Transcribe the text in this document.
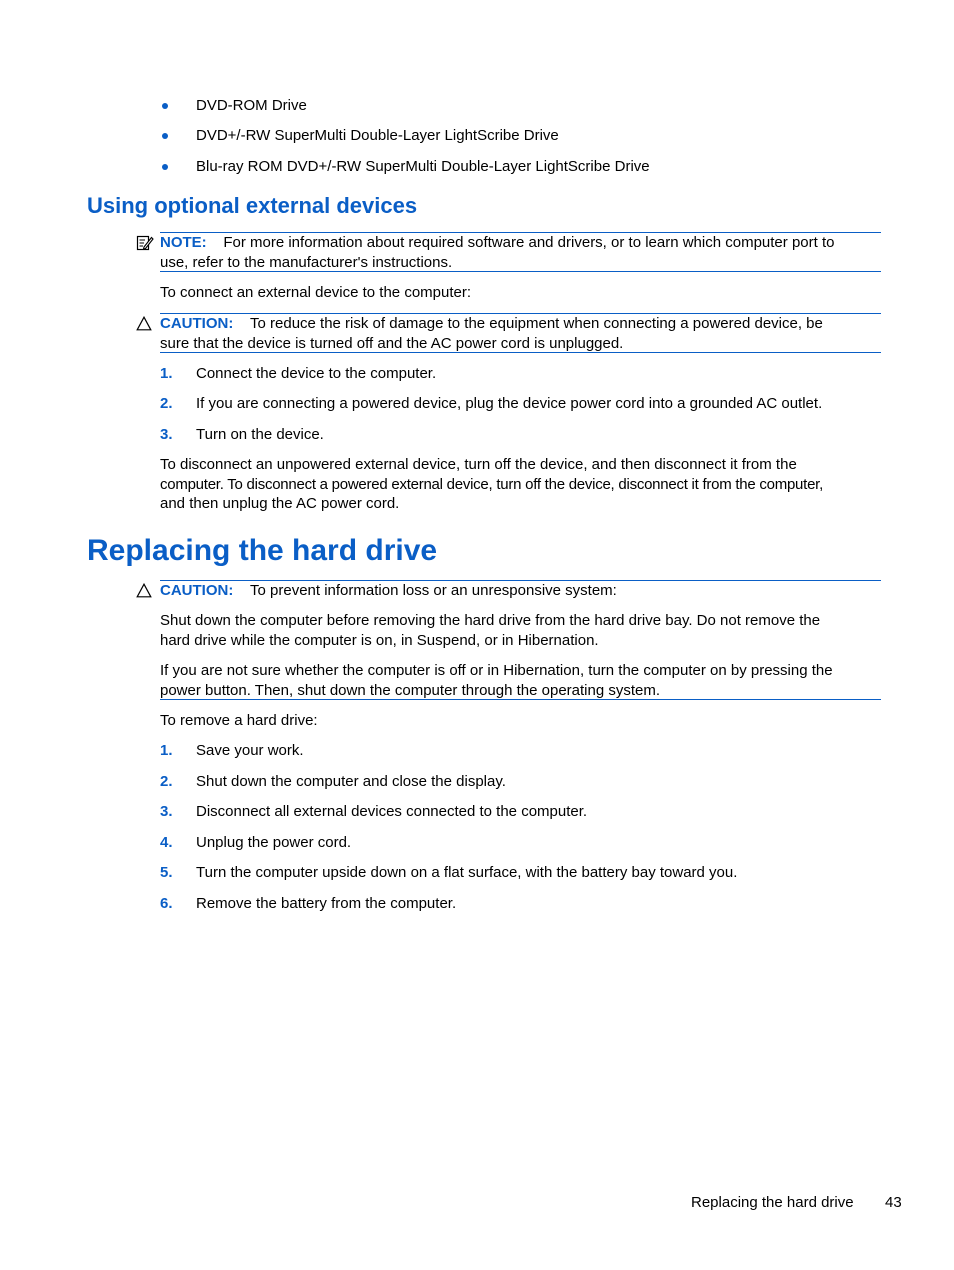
DVD-ROM Drive
DVD+/-RW SuperMulti Double-Layer LightScribe Drive
Blu-ray ROM DVD+/-RW SuperMulti Double-Layer LightScribe Drive
Using optional external devices
NOTE: For more information about required software and drivers, or to learn which computer port to
use, refer to the manufacturer's instructions.
To connect an external device to the computer:
CAUTION: To reduce the risk of damage to the equipment when connecting a powered device, be
sure that the device is turned off and the AC power cord is unplugged.
1. Connect the device to the computer.
2. If you are connecting a powered device, plug the device power cord into a grounded AC outlet.
3. Turn on the device.
To disconnect an unpowered external device, turn off the device, and then disconnect it from the
computer. To disconnect a powered external device, turn off the device, disconnect it from the computer,
and then unplug the AC power cord.
Replacing the hard drive
CAUTION: To prevent information loss or an unresponsive system:
Shut down the computer before removing the hard drive from the hard drive bay. Do not remove the
hard drive while the computer is on, in Suspend, or in Hibernation.
If you are not sure whether the computer is off or in Hibernation, turn the computer on by pressing the
power button. Then, shut down the computer through the operating system.
To remove a hard drive:
1. Save your work.
2. Shut down the computer and close the display.
3. Disconnect all external devices connected to the computer.
4. Unplug the power cord.
5. Turn the computer upside down on a flat surface, with the battery bay toward you.
6. Remove the battery from the computer.
Replacing the hard drive 43
